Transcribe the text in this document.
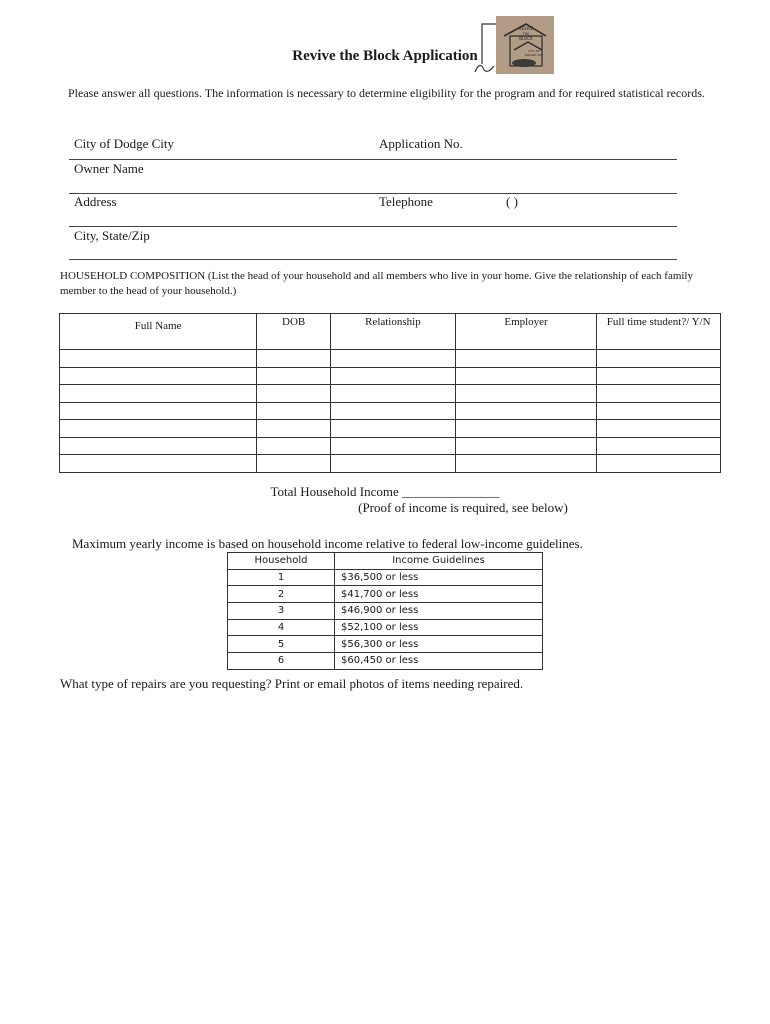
Revive the Block Application
REVIVE
THE
BLOCK
CITY OF
DODGE CITY
Please answer all questions. The information is necessary to determine eligibility for the program and for required statistical records.
City of Dodge City	Application No.
Owner Name
Address	Telephone	( )
City, State/Zip
HOUSEHOLD COMPOSITION (List the head of your household and all members who live in your home. Give the relationship of each family member to the head of your household.)
Full Name	DOB	Relationship	Employer	Full time student?/ Y/N

Total Household Income _______________
(Proof of income is required, see below)
Maximum yearly income is based on household income relative to federal low-income guidelines.
Household	Income Guidelines
1	$36,500 or less
2	$41,700 or less
3	$46,900 or less
4	$52,100 or less
5	$56,300 or less
6	$60,450 or less
What type of repairs are you requesting? Print or email photos of items needing repaired.
